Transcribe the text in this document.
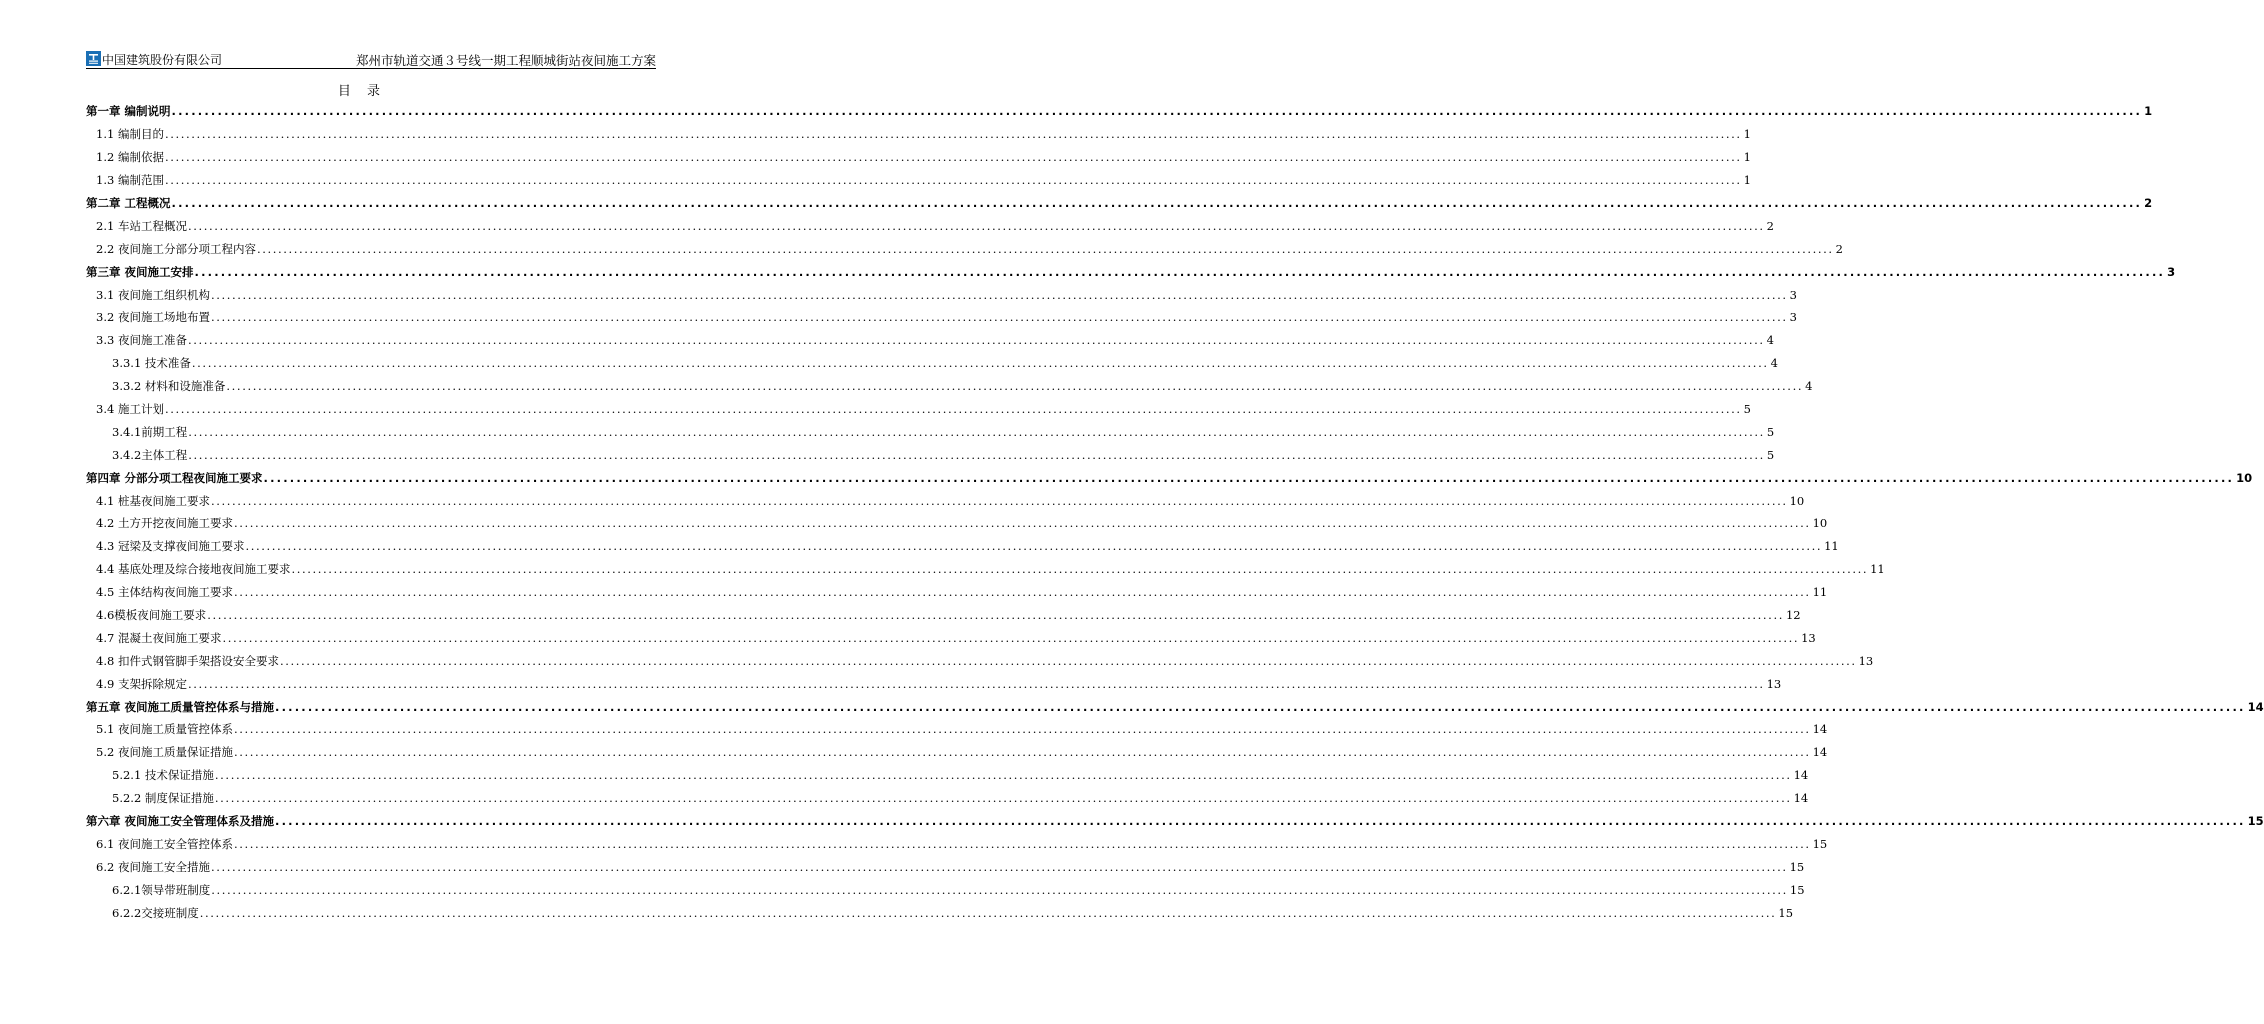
中国建筑股份有限公司	郑州市轨道交通３号线一期工程顺城街站夜间施工方案
目 录
第一章 编制说明 ............................................................................................................................................................................................................................................................................................................ 1
1.1 编制目的 ............................................................................................................................................................................................................................................................................................................ 1
1.2 编制依据 ............................................................................................................................................................................................................................................................................................................ 1
1.3 编制范围 ............................................................................................................................................................................................................................................................................................................ 1
第二章 工程概况 ............................................................................................................................................................................................................................................................................................................ 2
2.1 车站工程概况 ............................................................................................................................................................................................................................................................................................................ 2
2.2 夜间施工分部分项工程内容 ............................................................................................................................................................................................................................................................................................................ 2
第三章 夜间施工安排 ............................................................................................................................................................................................................................................................................................................ 3
3.1 夜间施工组织机构 ............................................................................................................................................................................................................................................................................................................ 3
3.2 夜间施工场地布置 ............................................................................................................................................................................................................................................................................................................ 3
3.3 夜间施工准备 ............................................................................................................................................................................................................................................................................................................ 4
3.3.1 技术准备 ............................................................................................................................................................................................................................................................................................................ 4
3.3.2 材料和设施准备 ............................................................................................................................................................................................................................................................................................................ 4
3.4 施工计划 ............................................................................................................................................................................................................................................................................................................ 5
3.4.1前期工程 ............................................................................................................................................................................................................................................................................................................ 5
3.4.2主体工程 ............................................................................................................................................................................................................................................................................................................ 5
第四章 分部分项工程夜间施工要求 ............................................................................................................................................................................................................................................................................................................ 10
4.1 桩基夜间施工要求 ............................................................................................................................................................................................................................................................................................................ 10
4.2 土方开挖夜间施工要求 ............................................................................................................................................................................................................................................................................................................ 10
4.3 冠梁及支撑夜间施工要求 ............................................................................................................................................................................................................................................................................................................ 11
4.4 基底处理及综合接地夜间施工要求 ............................................................................................................................................................................................................................................................................................................ 11
4.5 主体结构夜间施工要求 ............................................................................................................................................................................................................................................................................................................ 11
4.6模板夜间施工要求 ............................................................................................................................................................................................................................................................................................................ 12
4.7 混凝土夜间施工要求 ............................................................................................................................................................................................................................................................................................................ 13
4.8 扣件式钢管脚手架搭设安全要求 ............................................................................................................................................................................................................................................................................................................ 13
4.9 支架拆除规定 ............................................................................................................................................................................................................................................................................................................ 13
第五章 夜间施工质量管控体系与措施 ............................................................................................................................................................................................................................................................................................................ 14
5.1 夜间施工质量管控体系 ............................................................................................................................................................................................................................................................................................................ 14
5.2 夜间施工质量保证措施 ............................................................................................................................................................................................................................................................................................................ 14
5.2.1 技术保证措施 ............................................................................................................................................................................................................................................................................................................ 14
5.2.2 制度保证措施 ............................................................................................................................................................................................................................................................................................................ 14
第六章 夜间施工安全管理体系及措施 ............................................................................................................................................................................................................................................................................................................ 15
6.1 夜间施工安全管控体系 ............................................................................................................................................................................................................................................................................................................ 15
6.2 夜间施工安全措施 ............................................................................................................................................................................................................................................................................................................ 15
6.2.1领导带班制度 ............................................................................................................................................................................................................................................................................................................ 15
6.2.2交接班制度 ............................................................................................................................................................................................................................................................................................................ 15
